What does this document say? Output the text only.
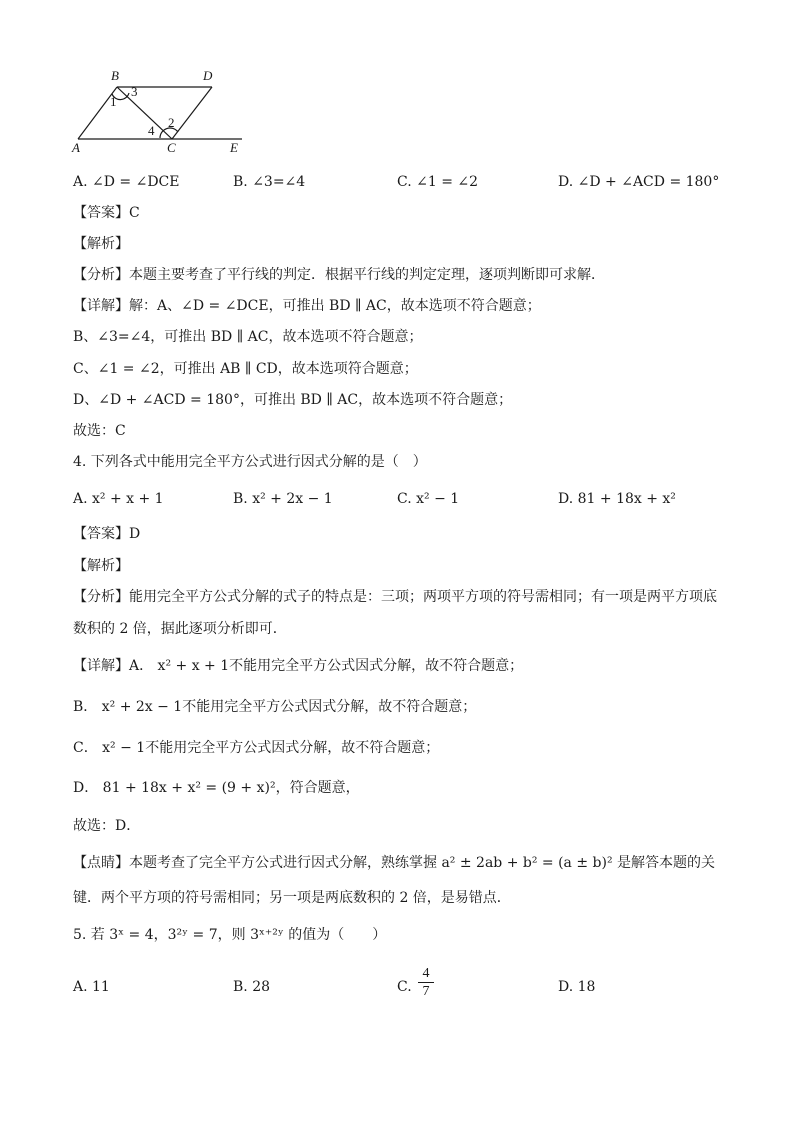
B	D
A	C	E
1
3
2
4
A. ∠D = ∠DCE	B. ∠3=∠4	C. ∠1 = ∠2	D. ∠D + ∠ACD = 180°
【答案】C
【解析】
【分析】本题主要考查了平行线的判定．根据平行线的判定定理，逐项判断即可求解．
【详解】解：A、∠D = ∠DCE，可推出 BD ∥ AC，故本选项不符合题意；
B、∠3=∠4，可推出 BD ∥ AC，故本选项不符合题意；
C、∠1 = ∠2，可推出 AB ∥ CD，故本选项符合题意；
D、∠D + ∠ACD = 180°，可推出 BD ∥ AC，故本选项不符合题意；
故选：C
4. 下列各式中能用完全平方公式进行因式分解的是（　）
A. x² + x + 1	B. x² + 2x − 1	C. x² − 1	D. 81 + 18x + x²
【答案】D
【解析】
【分析】能用完全平方公式分解的式子的特点是：三项；两项平方项的符号需相同；有一项是两平方项底
数积的 2 倍，据此逐项分析即可．
【详解】A． x² + x + 1不能用完全平方公式因式分解，故不符合题意；
B． x² + 2x − 1不能用完全平方公式因式分解，故不符合题意；
C． x² − 1不能用完全平方公式因式分解，故不符合题意；
D． 81 + 18x + x² = (9 + x)²，符合题意，
故选：D．
【点睛】本题考查了完全平方公式进行因式分解，熟练掌握 a² ± 2ab + b² = (a ± b)² 是解答本题的关
键．两个平方项的符号需相同；另一项是两底数积的 2 倍，是易错点．
5. 若 3ˣ = 4，3²ʸ = 7，则 3ˣ⁺²ʸ 的值为（　　）
A. 11	B. 28	C.
4
7	D. 18
